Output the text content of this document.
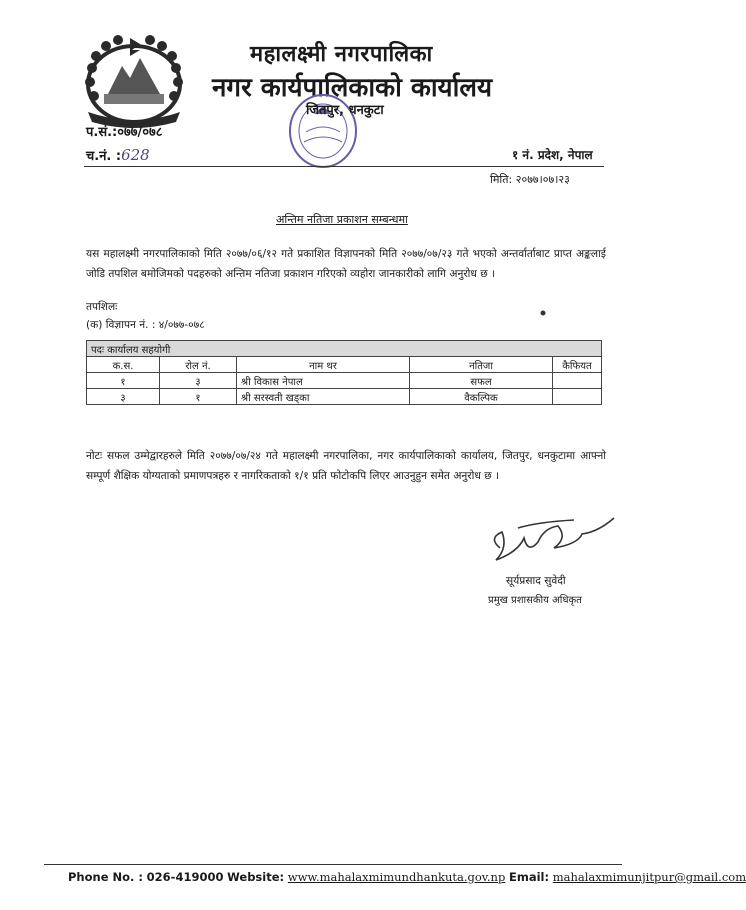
महालक्ष्मी नगरपालिका
नगर कार्यपालिकाको कार्यालय
जितपुर, धनकुटा
प.सं.:०७७/०७८
च.नं. :628	१ नं. प्रदेश, नेपाल
मिति: २०७७।०७।२३
अन्तिम नतिजा प्रकाशन सम्बन्धमा
यस महालक्ष्मी नगरपालिकाको मिति २०७७/०६/१२ गते प्रकाशित विज्ञापनको मिति २०७७/०७/२३ गते भएको अन्तर्वार्ताबाट प्राप्त अङ्कलाई जोडि तपशिल बमोजिमको पदहरुको अन्तिम नतिजा प्रकाशन गरिएको व्यहोरा जानकारीको लागि अनुरोध छ ।
तपशिलः
(क) विज्ञापन नं. : ४/०७७-०७८
पदः कार्यालय सहयोगी				
क.स.	रोल नं.	नाम थर	नतिजा	कैफियत
१	३	श्री विकास नेपाल	सफल	
३	१	श्री सरस्वती खड्का	वैकल्पिक	
नोटः सफल उम्मेद्वारहरुले मिति २०७७/०७/२४ गते महालक्ष्मी नगरपालिका, नगर कार्यपालिकाको कार्यालय, जितपुर, धनकुटामा आफ्नो सम्पूर्ण शैक्षिक योग्यताको प्रमाणपत्रहरु र नागरिकताको १/१ प्रति फोटोकपि लिएर आउनुहुन समेत अनुरोध छ ।
सूर्यप्रसाद सुवेदी
प्रमुख प्रशासकीय अधिकृत
Phone No. : 026-419000 Website: www.mahalaxmimundhankuta.gov.np Email: mahalaxmimunjitpur@gmail.com
